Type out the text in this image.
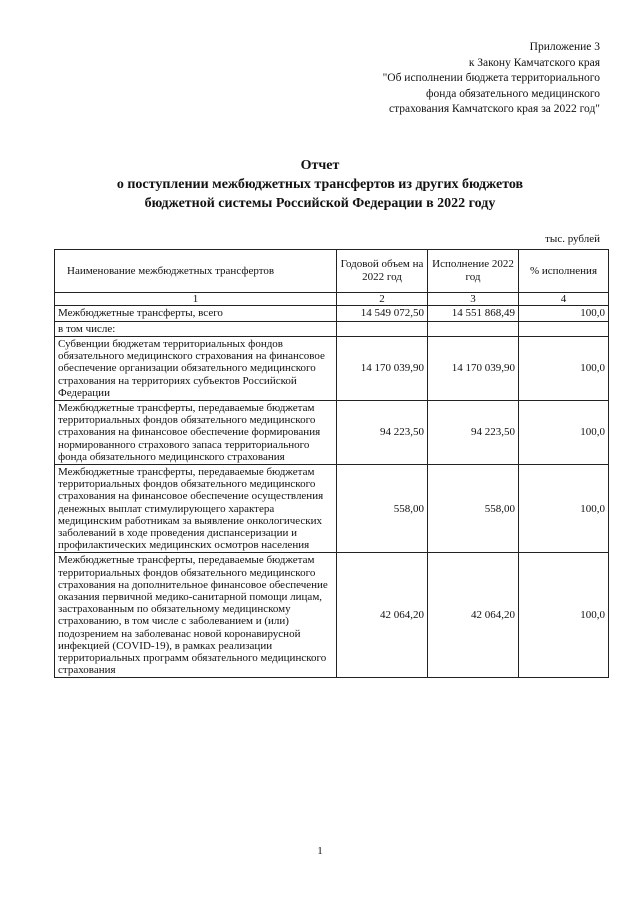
Приложение 3
к Закону Камчатского края
"Об исполнении бюджета территориального
фонда обязательного медицинского
страхования Камчатского края за 2022 год"
Отчет
о поступлении межбюджетных трансфертов из других бюджетов
бюджетной системы Российской Федерации в 2022 году
тыс. рублей
Наименование межбюджетных трансфертов	Годовой объем на 2022 год	Исполнение 2022 год	% исполнения
1	2	3	4
Межбюджетные трансферты, всего	14 549 072,50	14 551 868,49	100,0
в том числе:			
Субвенции бюджетам территориальных фондов обязательного медицинского страхования на финансовое обеспечение организации обязательного медицинского страхования на территориях субъектов Российской Федерации	14 170 039,90	14 170 039,90	100,0
Межбюджетные трансферты, передаваемые бюджетам территориальных фондов обязательного медицинского страхования на финансовое обеспечение формирования нормированного страхового запаса территориального фонда обязательного медицинского страхования	94 223,50	94 223,50	100,0
Межбюджетные трансферты, передаваемые бюджетам территориальных фондов обязательного медицинского страхования на финансовое обеспечение осуществления денежных выплат стимулирующего характера медицинским работникам за выявление онкологических заболеваний в ходе проведения диспансеризации и профилактических медицинских осмотров населения	558,00	558,00	100,0
Межбюджетные трансферты, передаваемые бюджетам территориальных фондов обязательного медицинского страхования на дополнительное финансовое обеспечение оказания первичной медико-санитарной помощи лицам, застрахованным по обязательному медицинскому страхованию, в том числе с заболеванием и (или) подозрением на заболеванас новой коронавирусной инфекцией (COVID-19), в рамках реализации территориальных программ обязательного медицинского страхования	42 064,20	42 064,20	100,0
1
